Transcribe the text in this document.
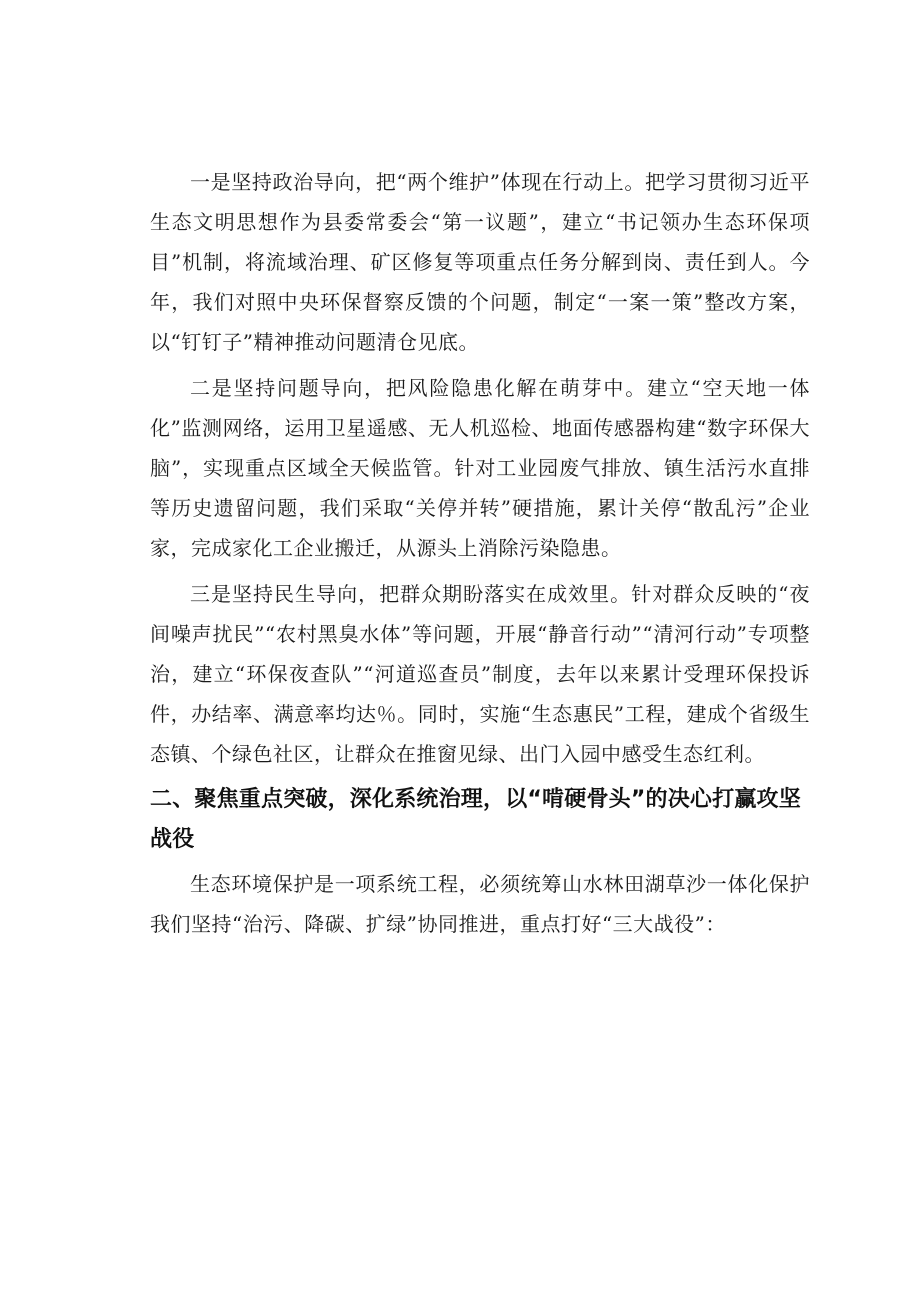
一是坚持政治导向，把“两个维护”体现在行动上。把学习贯彻习近平生态文明思想作为县委常委会“第一议题”，建立“书记领办生态环保项目”机制，将流域治理、矿区修复等项重点任务分解到岗、责任到人。今年，我们对照中央环保督察反馈的个问题，制定“一案一策”整改方案，以“钉钉子”精神推动问题清仓见底。

二是坚持问题导向，把风险隐患化解在萌芽中。建立“空天地一体化”监测网络，运用卫星遥感、无人机巡检、地面传感器构建“数字环保大脑”，实现重点区域全天候监管。针对工业园废气排放、镇生活污水直排等历史遗留问题，我们采取“关停并转”硬措施，累计关停“散乱污”企业家，完成家化工企业搬迁，从源头上消除污染隐患。

三是坚持民生导向，把群众期盼落实在成效里。针对群众反映的“夜间噪声扰民”“农村黑臭水体”等问题，开展“静音行动”“清河行动”专项整治，建立“环保夜查队”“河道巡查员”制度，去年以来累计受理环保投诉件，办结率、满意率均达％。同时，实施“生态惠民”工程，建成个省级生态镇、个绿色社区，让群众在推窗见绿、出门入园中感受生态红利。

二、聚焦重点突破，深化系统治理，以“啃硬骨头”的决心打赢攻坚战役

生态环境保护是一项系统工程，必须统筹山水林田湖草沙一体化保护我们坚持“治污、降碳、扩绿”协同推进，重点打好“三大战役”：
